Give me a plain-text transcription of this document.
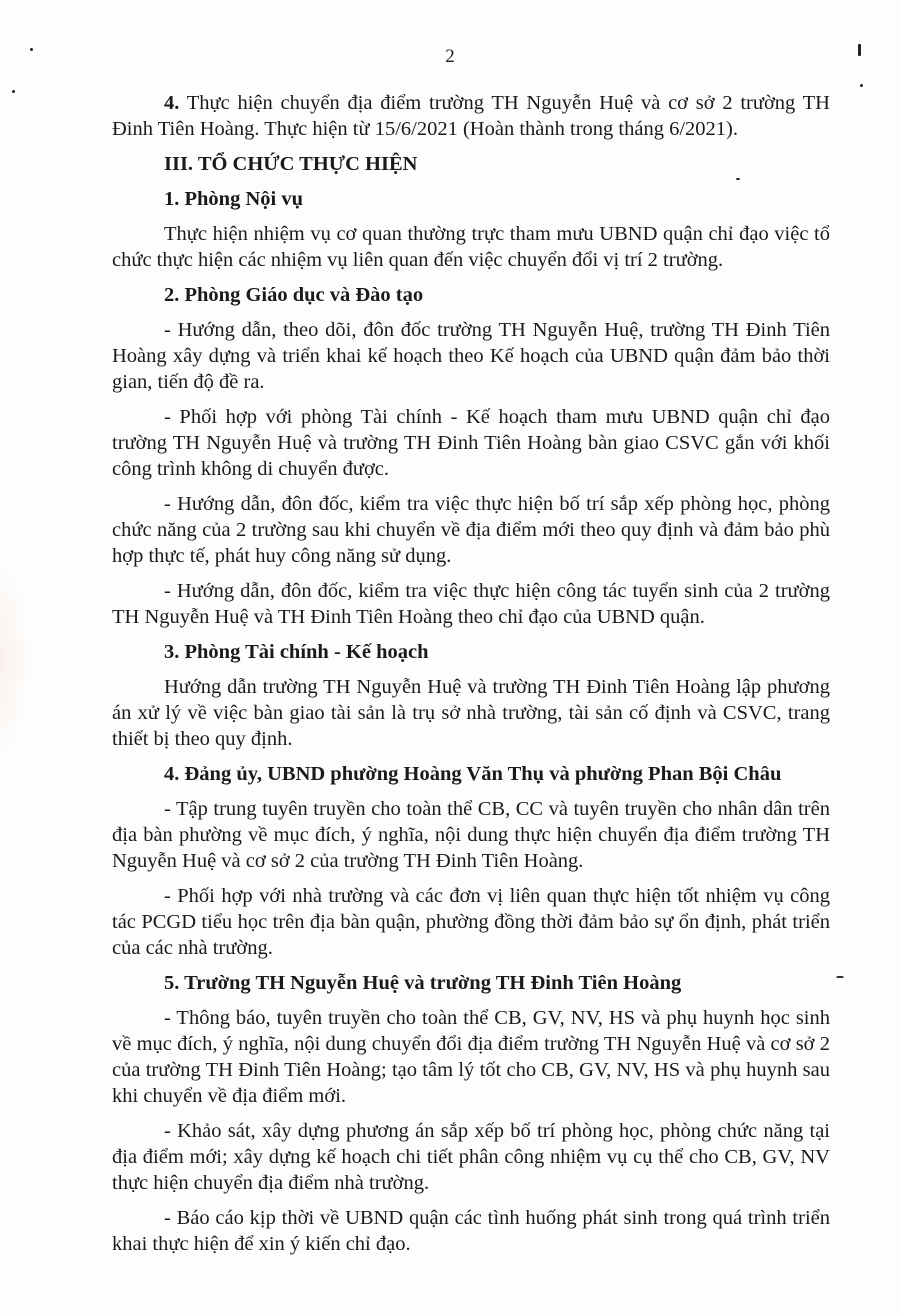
2

4. Thực hiện chuyển địa điểm trường TH Nguyễn Huệ và cơ sở 2 trường TH Đinh Tiên Hoàng. Thực hiện từ 15/6/2021 (Hoàn thành trong tháng 6/2021).

III. TỔ CHỨC THỰC HIỆN

1. Phòng Nội vụ

Thực hiện nhiệm vụ cơ quan thường trực tham mưu UBND quận chỉ đạo việc tổ chức thực hiện các nhiệm vụ liên quan đến việc chuyển đổi vị trí 2 trường.

2. Phòng Giáo dục và Đào tạo

- Hướng dẫn, theo dõi, đôn đốc trường TH Nguyễn Huệ, trường TH Đinh Tiên Hoàng xây dựng và triển khai kế hoạch theo Kế hoạch của UBND quận đảm bảo thời gian, tiến độ đề ra.

- Phối hợp với phòng Tài chính - Kế hoạch tham mưu UBND quận chỉ đạo trường TH Nguyễn Huệ và trường TH Đinh Tiên Hoàng bàn giao CSVC gắn với khối công trình không di chuyển được.

- Hướng dẫn, đôn đốc, kiểm tra việc thực hiện bố trí sắp xếp phòng học, phòng chức năng của 2 trường sau khi chuyển về địa điểm mới theo quy định và đảm bảo phù hợp thực tế, phát huy công năng sử dụng.

- Hướng dẫn, đôn đốc, kiểm tra việc thực hiện công tác tuyển sinh của 2 trường TH Nguyễn Huệ và TH Đinh Tiên Hoàng theo chỉ đạo của UBND quận.

3. Phòng Tài chính - Kế hoạch

Hướng dẫn trường TH Nguyễn Huệ và trường TH Đinh Tiên Hoàng lập phương án xử lý về việc bàn giao tài sản là trụ sở nhà trường, tài sản cố định và CSVC, trang thiết bị theo quy định.

4. Đảng ủy, UBND phường Hoàng Văn Thụ và phường Phan Bội Châu

- Tập trung tuyên truyền cho toàn thể CB, CC và tuyên truyền cho nhân dân trên địa bàn phường về mục đích, ý nghĩa, nội dung thực hiện chuyển địa điểm trường TH Nguyễn Huệ và cơ sở 2 của trường TH Đinh Tiên Hoàng.

- Phối hợp với nhà trường và các đơn vị liên quan thực hiện tốt nhiệm vụ công tác PCGD tiểu học trên địa bàn quận, phường đồng thời đảm bảo sự ổn định, phát triển của các nhà trường.

5. Trường TH Nguyễn Huệ và trường TH Đinh Tiên Hoàng

- Thông báo, tuyên truyền cho toàn thể CB, GV, NV, HS và phụ huynh học sinh về mục đích, ý nghĩa, nội dung chuyển đổi địa điểm trường TH Nguyễn Huệ và cơ sở 2 của trường TH Đinh Tiên Hoàng; tạo tâm lý tốt cho CB, GV, NV, HS và phụ huynh sau khi chuyển về địa điểm mới.

- Khảo sát, xây dựng phương án sắp xếp bố trí phòng học, phòng chức năng tại địa điểm mới; xây dựng kế hoạch chi tiết phân công nhiệm vụ cụ thể cho CB, GV, NV thực hiện chuyển địa điểm nhà trường.

- Báo cáo kịp thời về UBND quận các tình huống phát sinh trong quá trình triển khai thực hiện để xin ý kiến chỉ đạo.
